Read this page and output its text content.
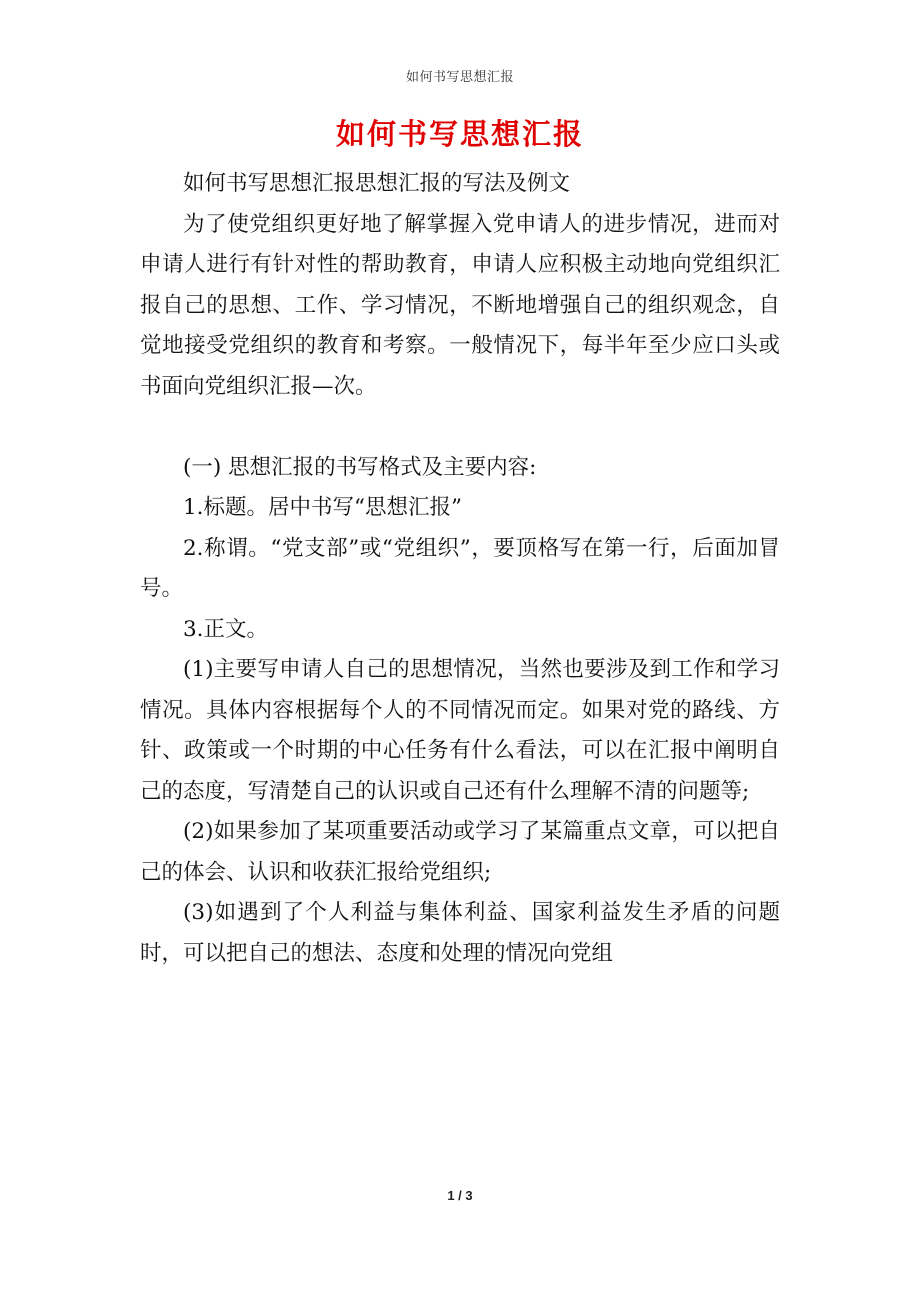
如何书写思想汇报
如何书写思想汇报

如何书写思想汇报思想汇报的写法及例文

为了使党组织更好地了解掌握入党申请人的进步情况，进而对申请人进行有针对性的帮助教育，申请人应积极主动地向党组织汇报自己的思想、工作、学习情况，不断地增强自己的组织观念，自觉地接受党组织的教育和考察。一般情况下，每半年至少应口头或书面向党组织汇报—次。

(一) 思想汇报的书写格式及主要内容:

1.标题。居中书写“思想汇报”

2.称谓。“党支部”或“党组织”，要顶格写在第一行，后面加冒号。

3.正文。

(1)主要写申请人自己的思想情况，当然也要涉及到工作和学习情况。具体内容根据每个人的不同情况而定。如果对党的路线、方针、政策或一个时期的中心任务有什么看法，可以在汇报中阐明自己的态度，写清楚自己的认识或自己还有什么理解不清的问题等;

(2)如果参加了某项重要活动或学习了某篇重点文章，可以把自己的体会、认识和收获汇报给党组织;

(3)如遇到了个人利益与集体利益、国家利益发生矛盾的问题时，可以把自己的想法、态度和处理的情况向党组

1 / 3
